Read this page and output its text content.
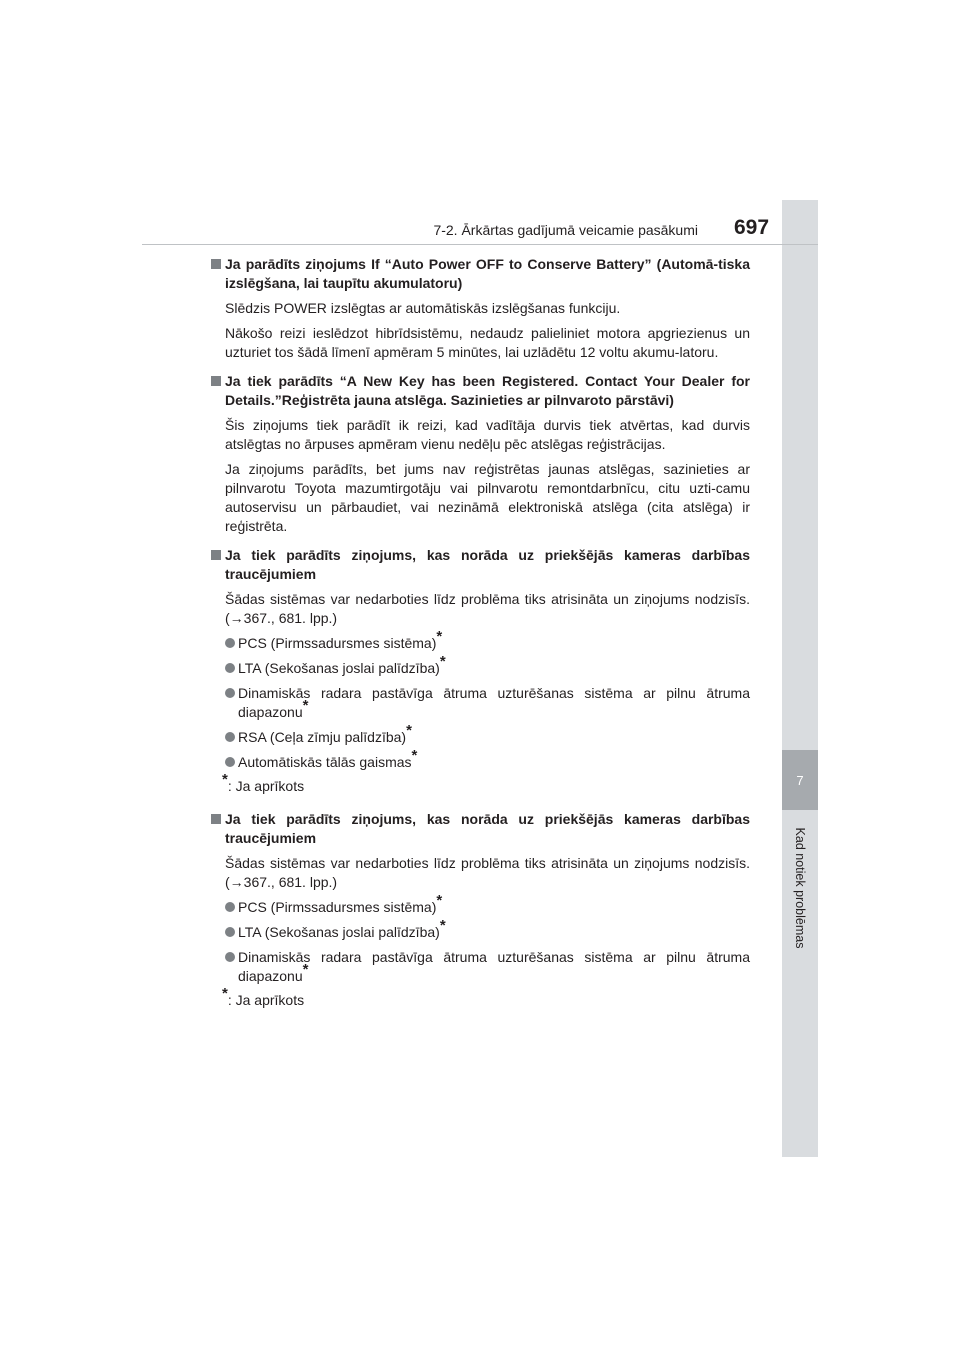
7
Kad notiek problēmas
7-2. Ārkārtas gadījumā veicamie pasākumi 697
Ja parādīts ziņojums If “Auto Power OFF to Conserve Battery” (Automā-tiska izslēgšana, lai taupītu akumulatoru)
Slēdzis POWER izslēgtas ar automātiskās izslēgšanas funkciju.
Nākošo reizi ieslēdzot hibrīdsistēmu, nedaudz palieliniet motora apgriezienus un uzturiet tos šādā līmenī apmēram 5 minūtes, lai uzlādētu 12 voltu akumu-latoru.
Ja tiek parādīts “A New Key has been Registered. Contact Your Dealer for Details.”Reģistrēta jauna atslēga. Sazinieties ar pilnvaroto pārstāvi)
Šis ziņojums tiek parādīt ik reizi, kad vadītāja durvis tiek atvērtas, kad durvis atslēgtas no ārpuses apmēram vienu nedēļu pēc atslēgas reģistrācijas.
Ja ziņojums parādīts, bet jums nav reģistrētas jaunas atslēgas, sazinieties ar pilnvarotu Toyota mazumtirgotāju vai pilnvarotu remontdarbnīcu, citu uzti-camu autoservisu un pārbaudiet, vai nezināmā elektroniskā atslēga (cita atslēga) ir reģistrēta.
Ja tiek parādīts ziņojums, kas norāda uz priekšējās kameras darbības traucējumiem
Šādas sistēmas var nedarboties līdz problēma tiks atrisināta un ziņojums nodzisīs. (→367., 681. lpp.)
PCS (Pirmssadursmes sistēma)*
LTA (Sekošanas joslai palīdzība)*
Dinamiskās radara pastāvīga ātruma uzturēšanas sistēma ar pilnu ātruma diapazonu*
RSA (Ceļa zīmju palīdzība)*
Automātiskās tālās gaismas*
*: Ja aprīkots
Ja tiek parādīts ziņojums, kas norāda uz priekšējās kameras darbības traucējumiem
Šādas sistēmas var nedarboties līdz problēma tiks atrisināta un ziņojums nodzisīs. (→367., 681. lpp.)
PCS (Pirmssadursmes sistēma)*
LTA (Sekošanas joslai palīdzība)*
Dinamiskās radara pastāvīga ātruma uzturēšanas sistēma ar pilnu ātruma diapazonu*
*: Ja aprīkots
